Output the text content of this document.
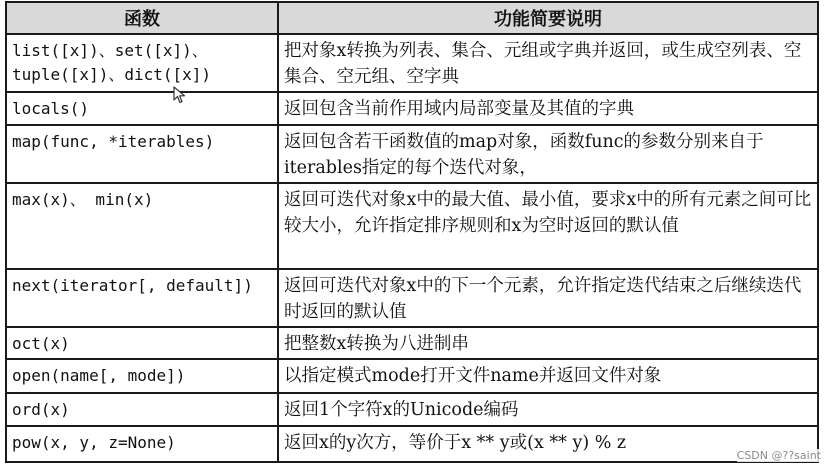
函数	功能简要说明
list([x])、set([x])、tuple([x])、dict([x])	把对象x转换为列表、集合、元组或字典并返回，或生成空列表、空集合、空元组、空字典
locals()	返回包含当前作用域内局部变量及其值的字典
map(func, *iterables)	返回包含若干函数值的map对象，函数func的参数分别来自于iterables指定的每个迭代对象，
max(x)、 min(x)	返回可迭代对象x中的最大值、最小值，要求x中的所有元素之间可比较大小，允许指定排序规则和x为空时返回的默认值
next(iterator[, default])	返回可迭代对象x中的下一个元素，允许指定迭代结束之后继续迭代时返回的默认值
oct(x)	把整数x转换为八进制串
open(name[, mode])	以指定模式mode打开文件name并返回文件对象
ord(x)	返回1个字符x的Unicode编码
pow(x, y, z=None)	返回x的y次方，等价于x ** y或(x ** y) % z
CSDN @??saint
